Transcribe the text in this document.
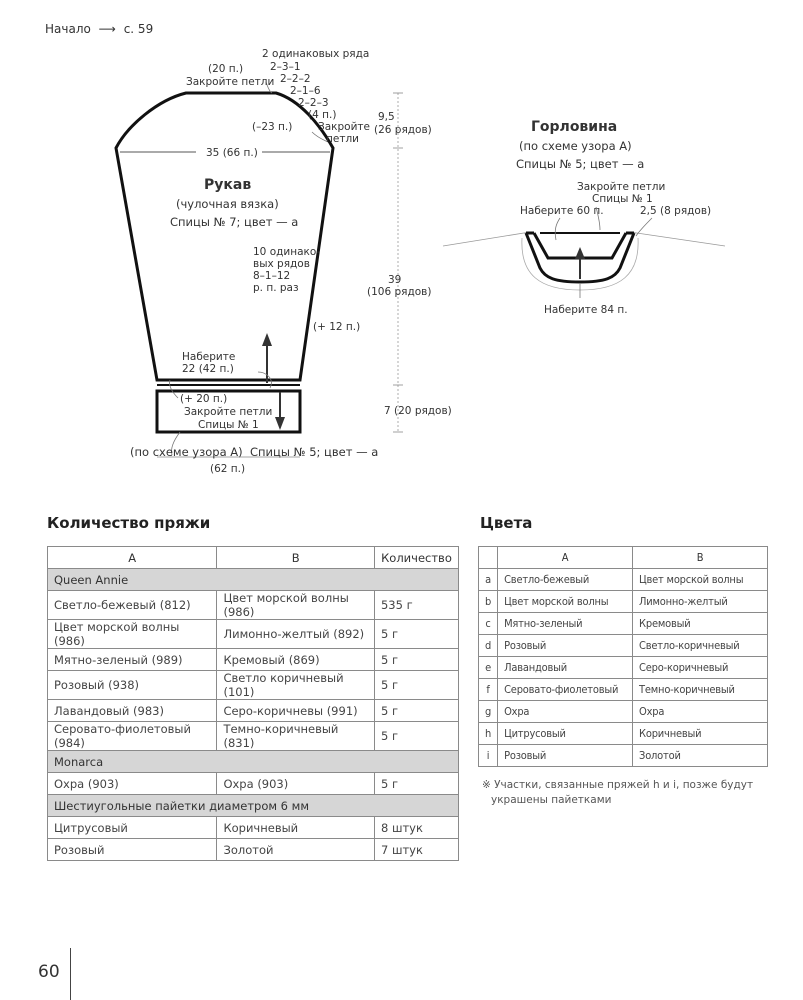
Начало ⟶ с. 59
(20 п.)
Закройте петли
2 одинаковых ряда
2–3–1
2–2–2
2–1–6
2–2–3
(4 п.)
(–23 п.) Закройте
петли
35 (66 п.)
9,5
(26 рядов)
Рукав
(чулочная вязка)
Спицы № 7; цвет — а
10 одинако-
вых рядов
8–1–12
р. п. раз
39
(106 рядов)
(+ 12 п.)
Наберите
22 (42 п.)
(+ 20 п.)
Закройте петли
Спицы № 1
7 (20 рядов)
(по схеме узора А) Спицы № 5; цвет — а
(62 п.)
Горловина
(по схеме узора А)
Спицы № 5; цвет — а
Закройте петли
Спицы № 1
Наберите 60 п.	2,5 (8 рядов)
Наберите 84 п.
Количество пряжи
A	B	Количество
Queen Annie		
Светло-бежевый (812)	Цвет морской волны (986)	535 г
Цвет морской волны (986)	Лимонно-желтый (892)	5 г
Мятно-зеленый (989)	Кремовый (869)	5 г
Розовый (938)	Светло коричневый (101)	5 г
Лавандовый (983)	Серо-коричневы (991)	5 г
Серовато-фиолетовый (984)	Темно-коричневый (831)	5 г
Monarca		
Охра (903)	Охра (903)	5 г
Шестиугольные пайетки диаметром 6 мм		
Цитрусовый	Коричневый	8 штук
Розовый	Золотой	7 штук
Цвета
	A	B
a	Светло-бежевый	Цвет морской волны
b	Цвет морской волны	Лимонно-желтый
c	Мятно-зеленый	Кремовый
d	Розовый	Светло-коричневый
e	Лавандовый	Серо-коричневый
f	Серовато-фиолетовый	Темно-коричневый
g	Охра	Охра
h	Цитрусовый	Коричневый
i	Розовый	Золотой
※ Участки, связанные пряжей h и i, позже будут
украшены пайетками
60
